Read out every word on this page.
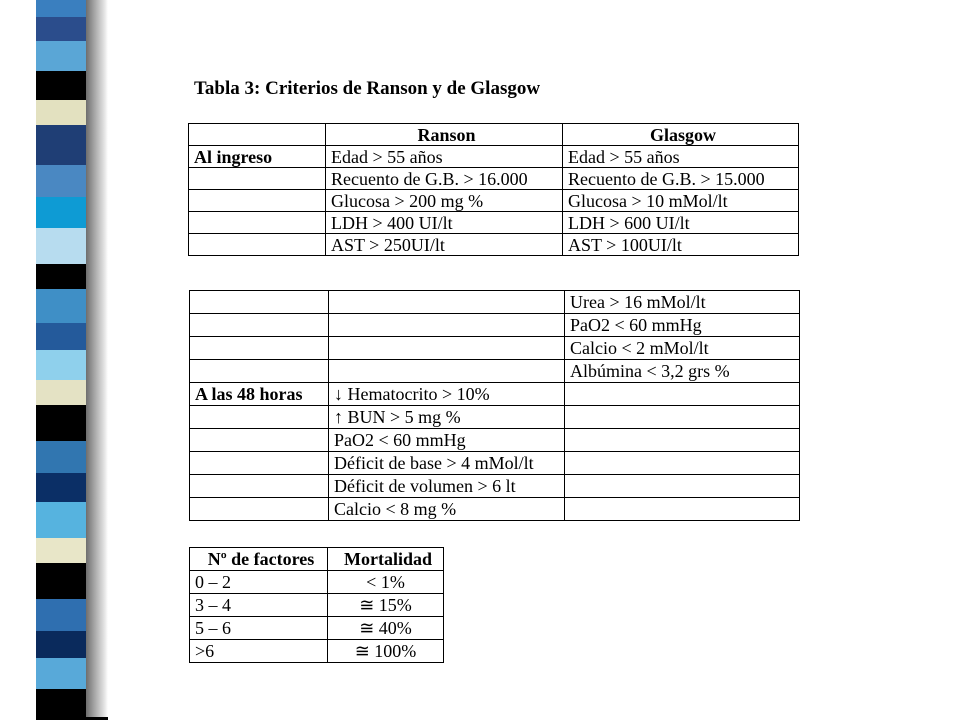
Tabla 3: Criterios de Ranson y de Glasgow
	Ranson	Glasgow
Al ingreso	Edad > 55 años	Edad > 55 años
	Recuento de G.B. > 16.000	Recuento de G.B. > 15.000
	Glucosa > 200 mg %	Glucosa > 10 mMol/lt
	LDH > 400 UI/lt	LDH > 600 UI/lt
	AST > 250UI/lt	AST > 100UI/lt
		Urea > 16 mMol/lt
		PaO2 < 60 mmHg
		Calcio < 2 mMol/lt
		Albúmina < 3,2 grs %
A las 48 horas	↓ Hematocrito > 10%	
	↑ BUN > 5 mg %	
	PaO2 < 60 mmHg	
	Déficit de base > 4 mMol/lt	
	Déficit de volumen > 6 lt	
	Calcio < 8 mg %	
Nº de factores	Mortalidad
0 – 2	< 1%
3 – 4	≅ 15%
5 – 6	≅ 40%
>6	≅ 100%
